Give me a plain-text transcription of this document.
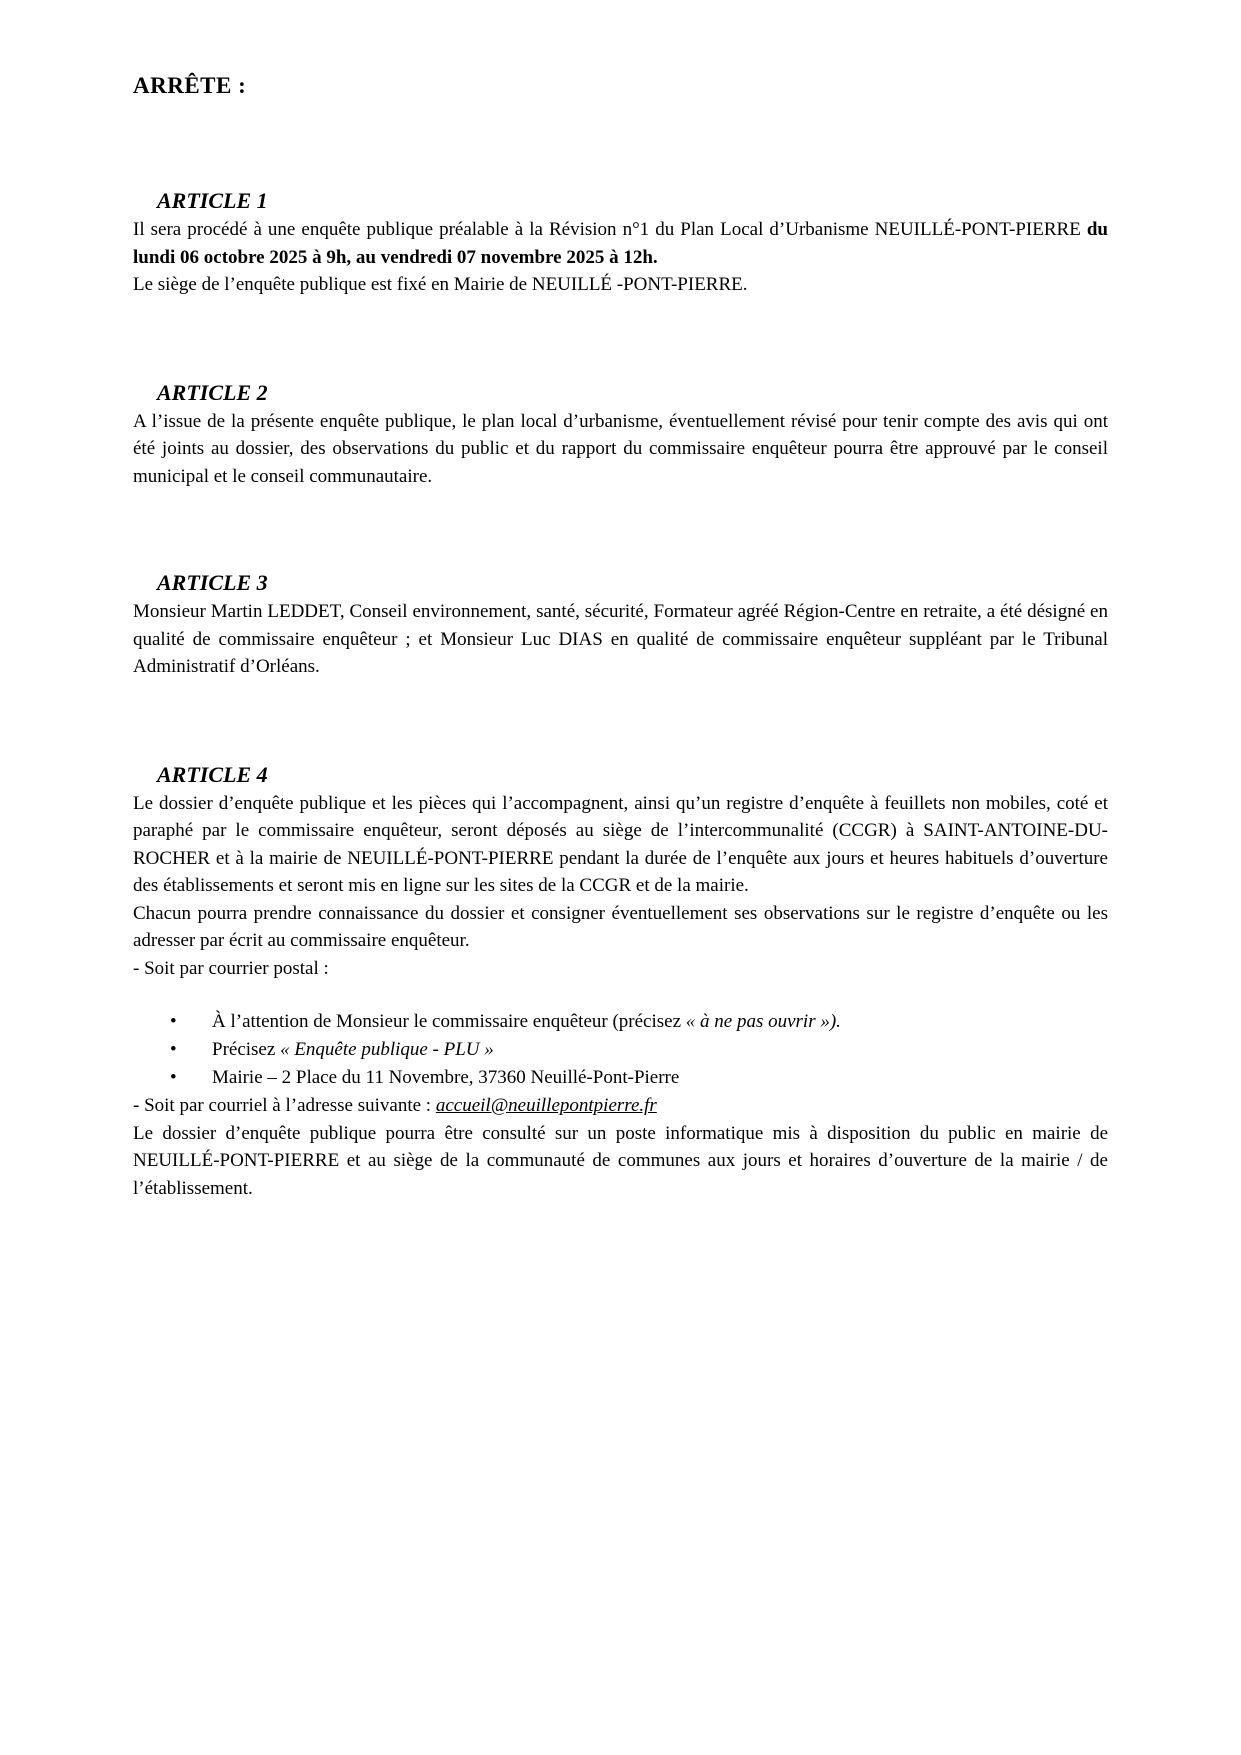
ARRÊTE :

ARTICLE 1

Il sera procédé à une enquête publique préalable à la Révision n°1 du Plan Local d’Urbanisme NEUILLÉ-PONT-PIERRE du lundi 06 octobre 2025 à 9h, au vendredi 07 novembre 2025 à 12h.

Le siège de l’enquête publique est fixé en Mairie de NEUILLÉ -PONT-PIERRE.

ARTICLE 2

A l’issue de la présente enquête publique, le plan local d’urbanisme, éventuellement révisé pour tenir compte des avis qui ont été joints au dossier, des observations du public et du rapport du commissaire enquêteur pourra être approuvé par le conseil municipal et le conseil communautaire.

ARTICLE 3

Monsieur Martin LEDDET, Conseil environnement, santé, sécurité, Formateur agréé Région-Centre en retraite, a été désigné en qualité de commissaire enquêteur ; et Monsieur Luc DIAS en qualité de commissaire enquêteur suppléant par le Tribunal Administratif d’Orléans.

ARTICLE 4

Le dossier d’enquête publique et les pièces qui l’accompagnent, ainsi qu’un registre d’enquête à feuillets non mobiles, coté et paraphé par le commissaire enquêteur, seront déposés au siège de l’intercommunalité (CCGR) à SAINT-ANTOINE-DU-ROCHER et à la mairie de NEUILLÉ-PONT-PIERRE pendant la durée de l’enquête aux jours et heures habituels d’ouverture des établissements et seront mis en ligne sur les sites de la CCGR et de la mairie.

Chacun pourra prendre connaissance du dossier et consigner éventuellement ses observations sur le registre d’enquête ou les adresser par écrit au commissaire enquêteur.

- Soit par courrier postal :

• À l’attention de Monsieur le commissaire enquêteur (précisez « à ne pas ouvrir »).
• Précisez « Enquête publique - PLU »
• Mairie – 2 Place du 11 Novembre, 37360 Neuillé-Pont-Pierre

- Soit par courriel à l’adresse suivante : accueil@neuillepontpierre.fr

Le dossier d’enquête publique pourra être consulté sur un poste informatique mis à disposition du public en mairie de NEUILLÉ-PONT-PIERRE et au siège de la communauté de communes aux jours et horaires d’ouverture de la mairie / de l’établissement.
